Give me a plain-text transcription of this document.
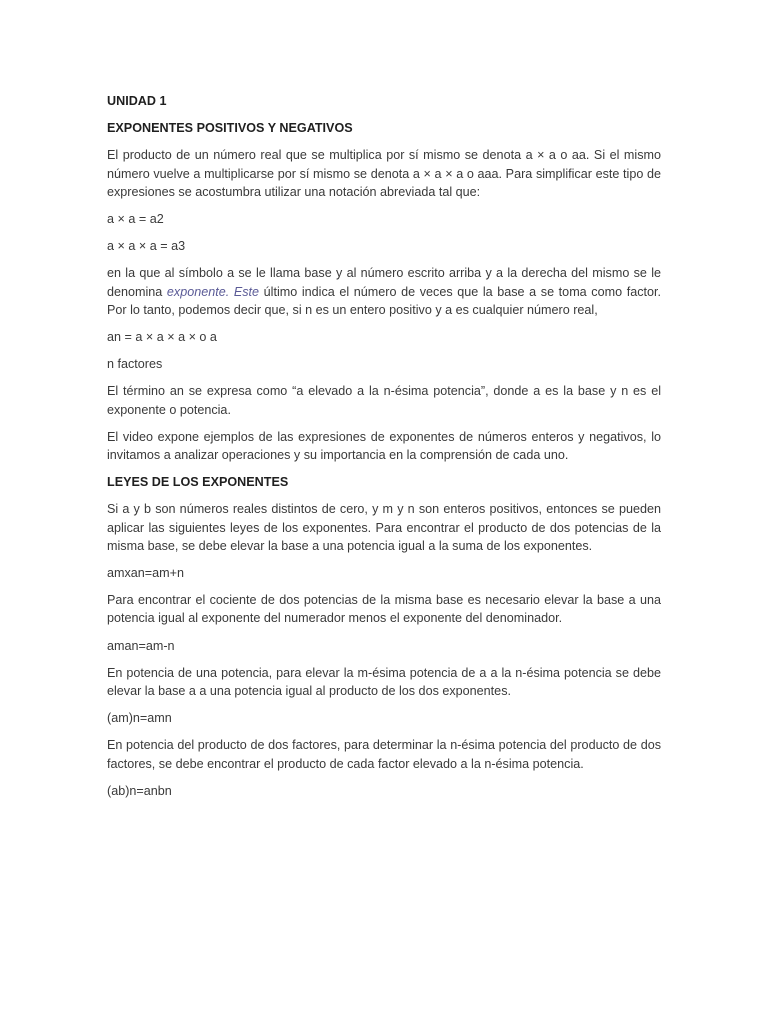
UNIDAD 1
EXPONENTES POSITIVOS Y NEGATIVOS

El producto de un número real que se multiplica por sí mismo se denota a × a o aa. Si el mismo número vuelve a multiplicarse por sí mismo se denota a × a × a o aaa. Para simplificar este tipo de expresiones se acostumbra utilizar una notación abreviada tal que:

a × a = a2
a × a × a = a3

en la que al símbolo a se le llama base y al número escrito arriba y a la derecha del mismo se le denomina exponente. Este último indica el número de veces que la base a se toma como factor. Por lo tanto, podemos decir que, si n es un entero positivo y a es cualquier número real,

an = a × a × a × o a
n factores

El término an se expresa como “a elevado a la n-ésima potencia”, donde a es la base y n es el exponente o potencia.

El video expone ejemplos de las expresiones de exponentes de números enteros y negativos, lo invitamos a analizar operaciones y su importancia en la comprensión de cada uno.

LEYES DE LOS EXPONENTES

Si a y b son números reales distintos de cero, y m y n son enteros positivos, entonces se pueden aplicar las siguientes leyes de los exponentes. Para encontrar el producto de dos potencias de la misma base, se debe elevar la base a una potencia igual a la suma de los exponentes.

amxan=am+n

Para encontrar el cociente de dos potencias de la misma base es necesario elevar la base a una potencia igual al exponente del numerador menos el exponente del denominador.

aman=am-n

En potencia de una potencia, para elevar la m-ésima potencia de a a la n-ésima potencia se debe elevar la base a a una potencia igual al producto de los dos exponentes.

(am)n=amn

En potencia del producto de dos factores, para determinar la n-ésima potencia del producto de dos factores, se debe encontrar el producto de cada factor elevado a la n-ésima potencia.

(ab)n=anbn
